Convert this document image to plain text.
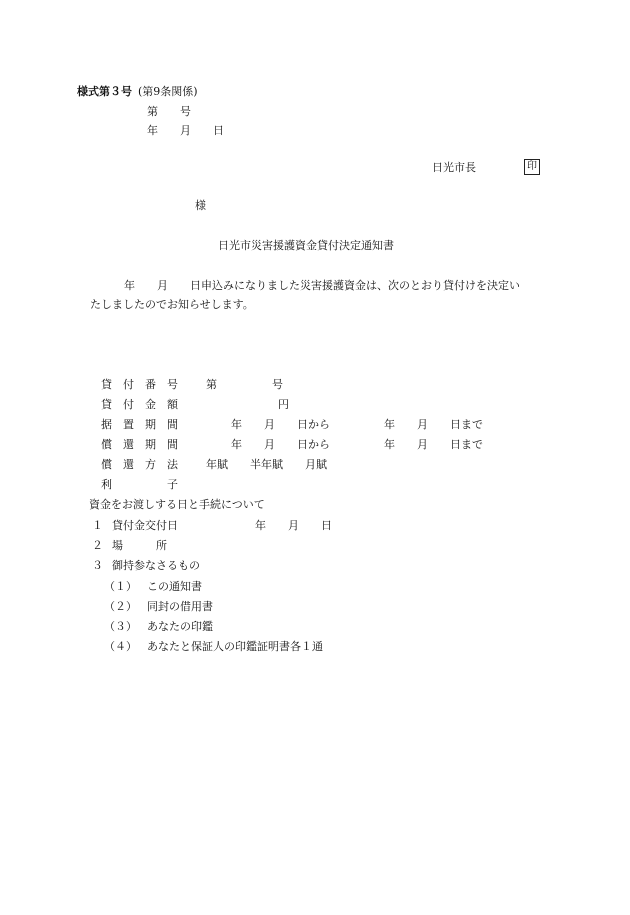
様式第３号 (第9条関係)
第　　号
年　　月　　日
日光市長	印
様
日光市災害援護資金貸付決定通知書
年　　月　　日申込みになりました災害援護資金は、次のとおり貸付けを決定い
たしましたのでお知らせします。
貸　付　番　号	第　　　　　号
貸　付　金　額	円
据　置　期　間	年　　月　　日から	年　　月　　日まで
償　還　期　間	年　　月　　日から	年　　月　　日まで
償　還　方　法	年賦　　半年賦　　月賦
利　　　　　子
資金をお渡しする日と手続について
１ 貸付金交付日	年　　月　　日
２ 場　　　所
３ 御持参なさるもの
（１） この通知書
（２） 同封の借用書
（３） あなたの印鑑
（４） あなたと保証人の印鑑証明書各１通
